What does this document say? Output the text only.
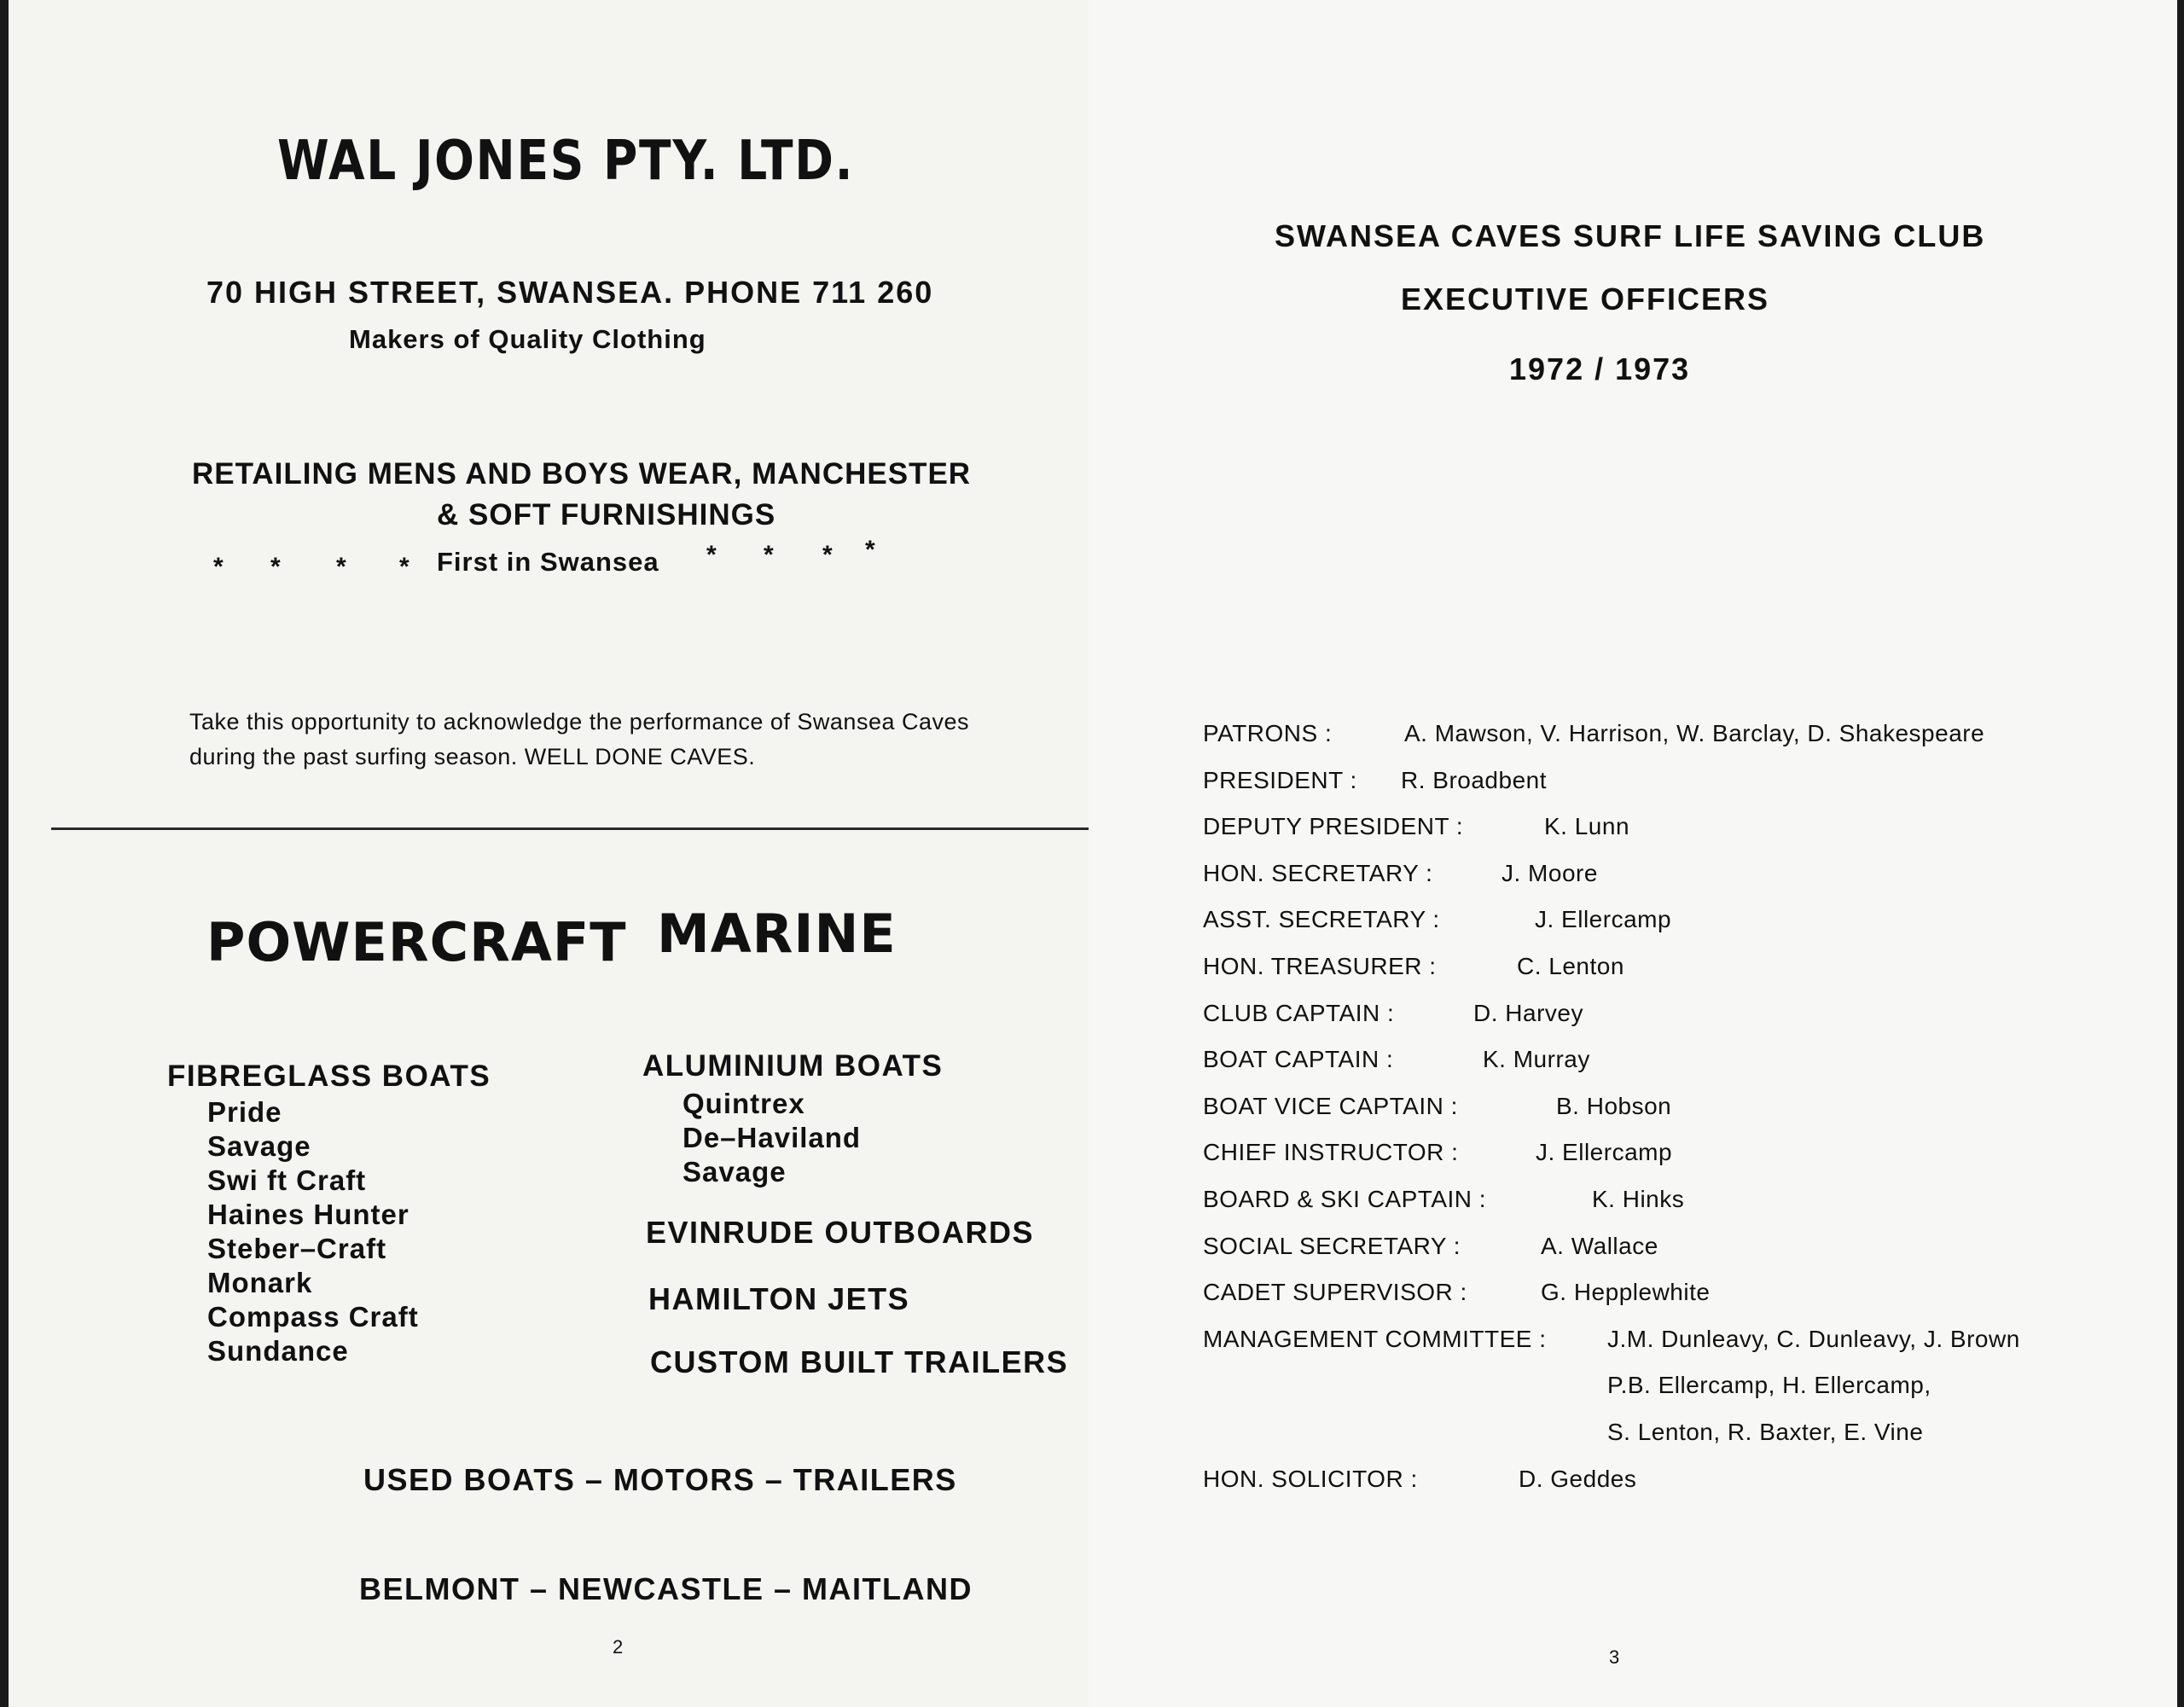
WAL JONES PTY. LTD.
70 HIGH STREET, SWANSEA. PHONE 711 260
Makers of Quality Clothing
RETAILING MENS AND BOYS WEAR, MANCHESTER
& SOFT FURNISHINGS
* * * * First in Swansea * * * *
Take this opportunity to acknowledge the performance of Swansea Caves during the past surfing season. WELL DONE CAVES.
POWERCRAFT MARINE
FIBREGLASS BOATS
Pride
Savage
Swi ft Craft
Haines Hunter
Steber–Craft
Monark
Compass Craft
Sundance
ALUMINIUM BOATS
Quintrex
De–Haviland
Savage
EVINRUDE OUTBOARDS
HAMILTON JETS
CUSTOM BUILT TRAILERS
USED BOATS – MOTORS – TRAILERS
BELMONT – NEWCASTLE – MAITLAND
2
SWANSEA CAVES SURF LIFE SAVING CLUB
EXECUTIVE OFFICERS
1972 / 1973
PATRONS :	A. Mawson, V. Harrison, W. Barclay, D. Shakespeare
PRESIDENT : R. Broadbent
DEPUTY PRESIDENT :	K. Lunn
HON. SECRETARY :	J. Moore
ASST. SECRETARY :	J. Ellercamp
HON. TREASURER :	C. Lenton
CLUB CAPTAIN :	D. Harvey
BOAT CAPTAIN :	K. Murray
BOAT VICE CAPTAIN :	B. Hobson
CHIEF INSTRUCTOR :	J. Ellercamp
BOARD & SKI CAPTAIN :	K. Hinks
SOCIAL SECRETARY :	A. Wallace
CADET SUPERVISOR :	G. Hepplewhite
MANAGEMENT COMMITTEE :	J.M. Dunleavy, C. Dunleavy, J. Brown
P.B. Ellercamp, H. Ellercamp,
S. Lenton, R. Baxter, E. Vine
HON. SOLICITOR :	D. Geddes
3
